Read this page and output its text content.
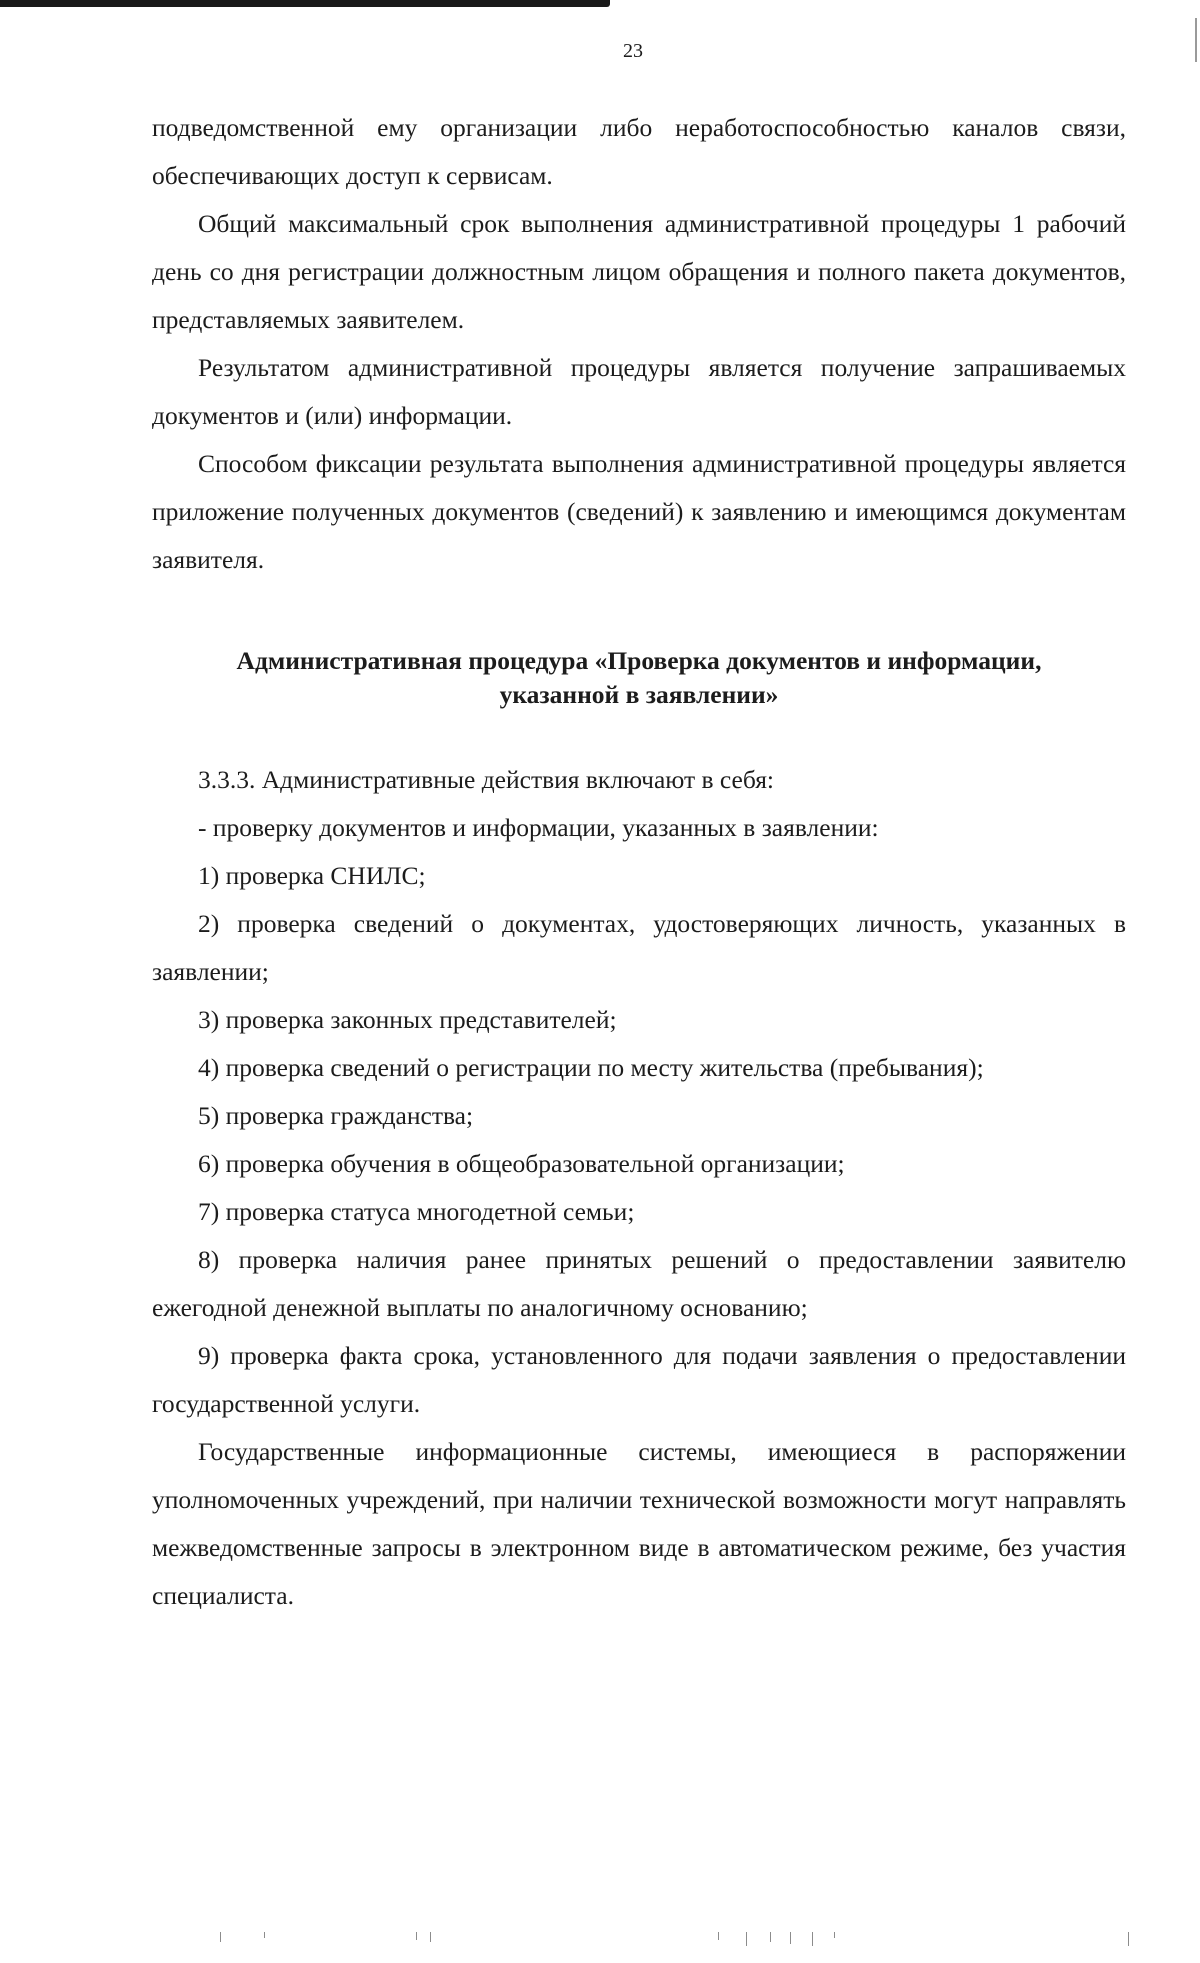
23

подведомственной ему организации либо неработоспособностью каналов связи, обеспечивающих доступ к сервисам.

Общий максимальный срок выполнения административной процедуры 1 рабочий день со дня регистрации должностным лицом обращения и полного пакета документов, представляемых заявителем.

Результатом административной процедуры является получение запрашиваемых документов и (или) информации.

Способом фиксации результата выполнения административной процедуры является приложение полученных документов (сведений) к заявлению и имеющимся документам заявителя.

Административная процедура «Проверка документов и информации,
указанной в заявлении»

3.3.3. Административные действия включают в себя:

- проверку документов и информации, указанных в заявлении:

1) проверка СНИЛС;

2) проверка сведений о документах, удостоверяющих личность, указанных в заявлении;

3) проверка законных представителей;

4) проверка сведений о регистрации по месту жительства (пребывания);

5) проверка гражданства;

6) проверка обучения в общеобразовательной организации;

7) проверка статуса многодетной семьи;

8) проверка наличия ранее принятых решений о предоставлении заявителю ежегодной денежной выплаты по аналогичному основанию;

9) проверка факта срока, установленного для подачи заявления о предоставлении государственной услуги.

Государственные информационные системы, имеющиеся в распоряжении уполномоченных учреждений, при наличии технической возможности могут направлять межведомственные запросы в электронном виде в автоматическом режиме, без участия специалиста.
